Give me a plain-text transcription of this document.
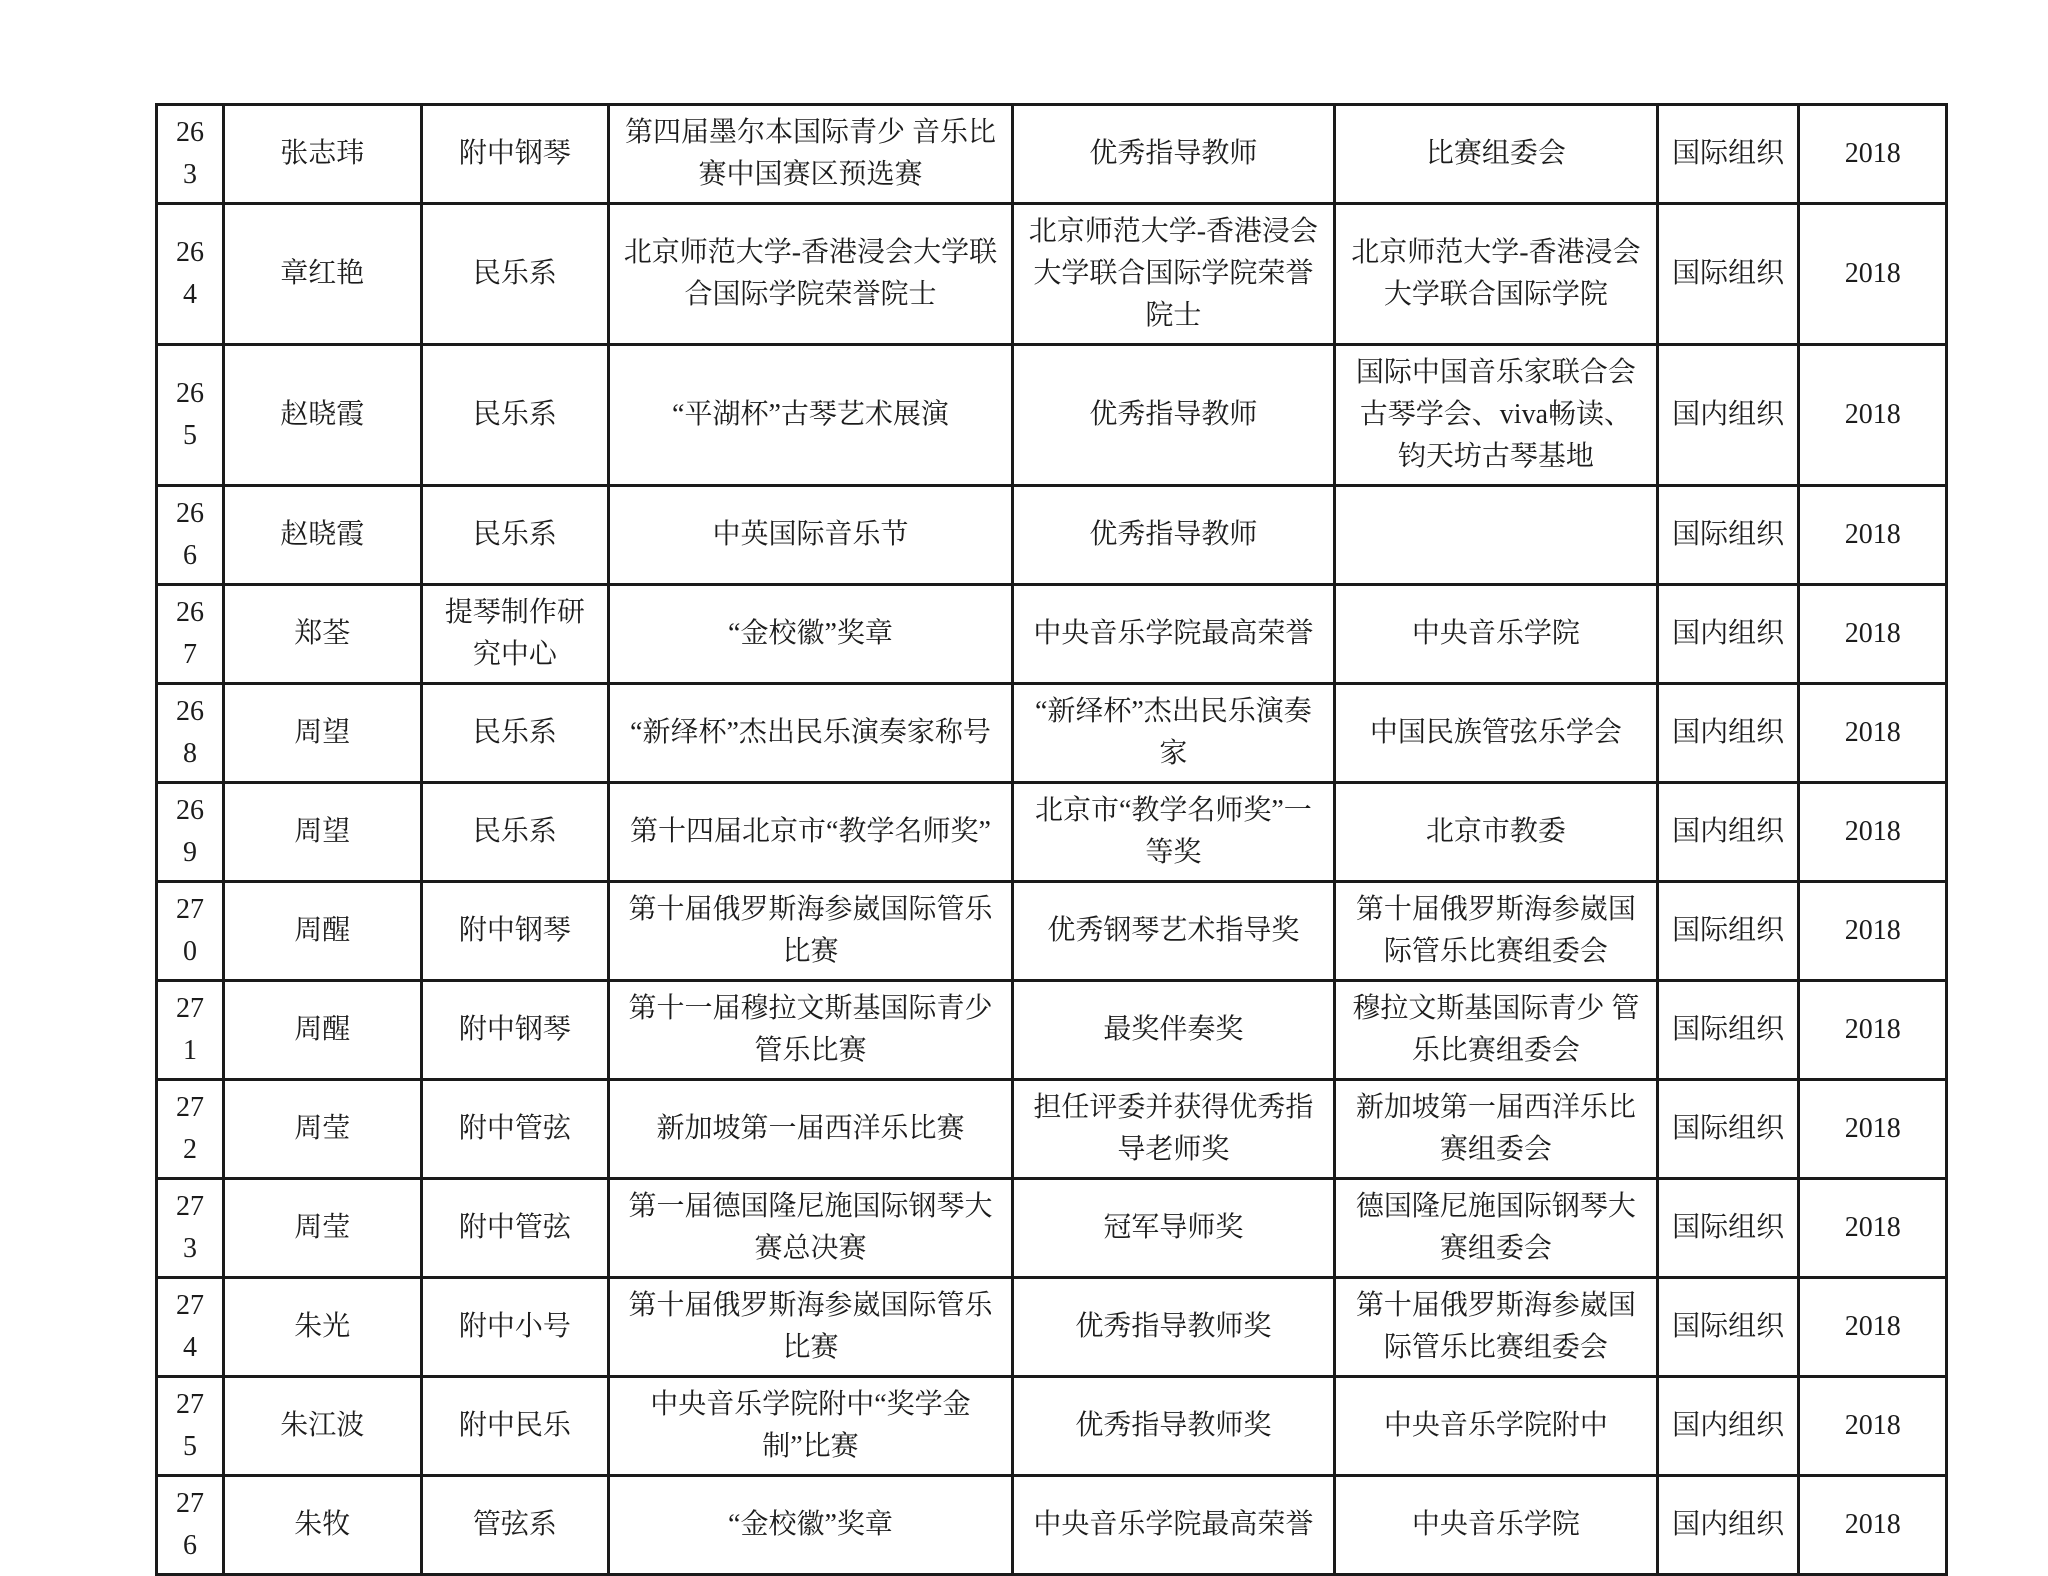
263	张志玮	附中钢琴	第四届墨尔本国际青少 音乐比赛中国赛区预选赛	优秀指导教师	比赛组委会	国际组织	2018
264	章红艳	民乐系	北京师范大学-香港浸会大学联合国际学院荣誉院士	北京师范大学-香港浸会大学联合国际学院荣誉院士	北京师范大学-香港浸会大学联合国际学院	国际组织	2018
265	赵晓霞	民乐系	“平湖杯”古琴艺术展演	优秀指导教师	国际中国音乐家联合会古琴学会、viva畅读、钧天坊古琴基地	国内组织	2018
266	赵晓霞	民乐系	中英国际音乐节	优秀指导教师		国际组织	2018
267	郑荃	提琴制作研究中心	“金校徽”奖章	中央音乐学院最高荣誉	中央音乐学院	国内组织	2018
268	周望	民乐系	“新绎杯”杰出民乐演奏家称号	“新绎杯”杰出民乐演奏家	中国民族管弦乐学会	国内组织	2018
269	周望	民乐系	第十四届北京市“教学名师奖”	北京市“教学名师奖”一等奖	北京市教委	国内组织	2018
270	周醒	附中钢琴	第十届俄罗斯海参崴国际管乐比赛	优秀钢琴艺术指导奖	第十届俄罗斯海参崴国际管乐比赛组委会	国际组织	2018
271	周醒	附中钢琴	第十一届穆拉文斯基国际青少 管乐比赛	最奖伴奏奖	穆拉文斯基国际青少 管乐比赛组委会	国际组织	2018
272	周莹	附中管弦	新加坡第一届西洋乐比赛	担任评委并获得优秀指导老师奖	新加坡第一届西洋乐比赛组委会	国际组织	2018
273	周莹	附中管弦	第一届德国隆尼施国际钢琴大赛总决赛	冠军导师奖	德国隆尼施国际钢琴大赛组委会	国际组织	2018
274	朱光	附中小号	第十届俄罗斯海参崴国际管乐比赛	优秀指导教师奖	第十届俄罗斯海参崴国际管乐比赛组委会	国际组织	2018
275	朱江波	附中民乐	中央音乐学院附中“奖学金制”比赛	优秀指导教师奖	中央音乐学院附中	国内组织	2018
276	朱牧	管弦系	“金校徽”奖章	中央音乐学院最高荣誉	中央音乐学院	国内组织	2018
